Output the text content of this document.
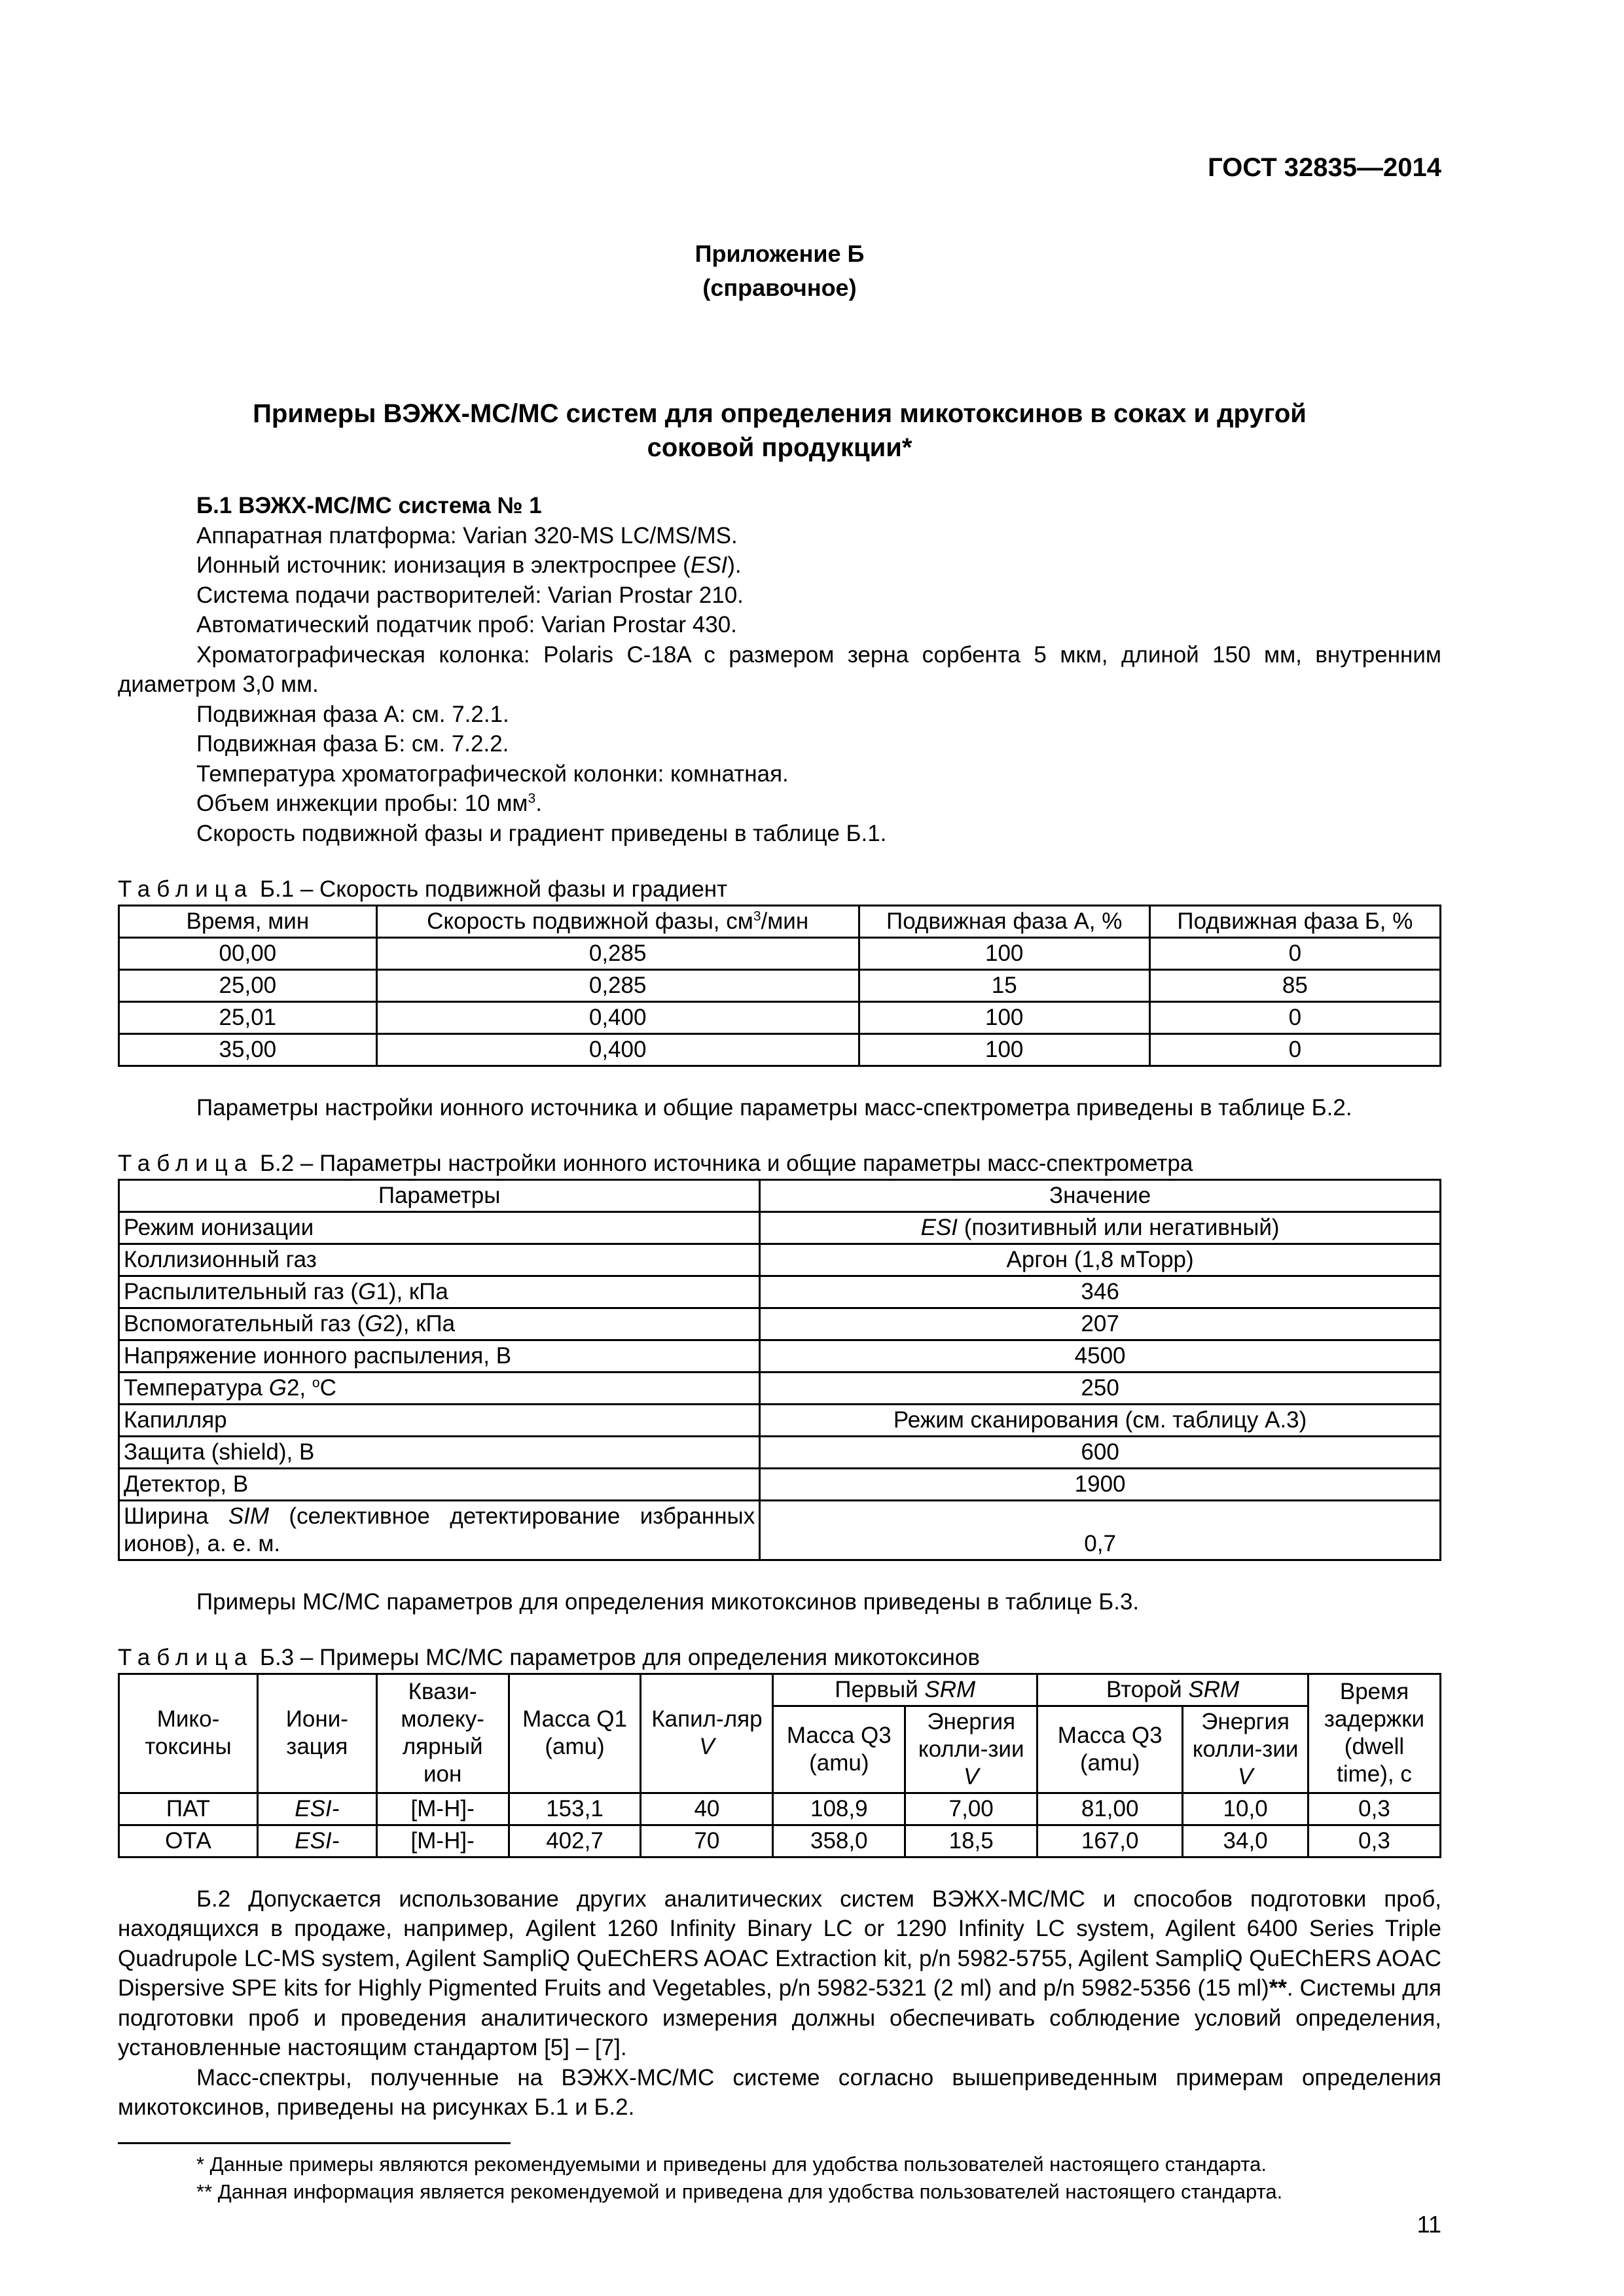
ГОСТ 32835—2014
Приложение Б
(справочное)
Примеры ВЭЖХ-МС/МС систем для определения микотоксинов в соках и другой
соковой продукции*

Б.1 ВЭЖХ-МС/МС система № 1

Аппаратная платформа: Varian 320-MS LC/MS/MS.

Ионный источник: ионизация в электроспрее (ESI).

Система подачи растворителей: Varian Prostar 210.

Автоматический податчик проб: Varian Prostar 430.

Хроматографическая колонка: Polaris C-18A с размером зерна сорбента 5 мкм, длиной 150 мм, внутренним диаметром 3,0 мм.

Подвижная фаза А: см. 7.2.1.

Подвижная фаза Б: см. 7.2.2.

Температура хроматографической колонки: комнатная.

Объем инжекции пробы: 10 $мм^3$.

Скорость подвижной фазы и градиент приведены в таблице Б.1.

Таблица Б.1 – Скорость подвижной фазы и градиент

Время, мин	Скорость подвижной фазы, $см^3$/мин	Подвижная фаза А, %	Подвижная фаза Б, %
00,00	0,285	100	0
25,00	0,285	15	85
25,01	0,400	100	0
35,00	0,400	100	0

Параметры настройки ионного источника и общие параметры масс-спектрометра приведены в таблице Б.2.

Таблица Б.2 – Параметры настройки ионного источника и общие параметры масс-спектрометра

Параметры	Значение
Режим ионизации	ESI (позитивный или негативный)
Коллизионный газ	Аргон (1,8 мТорр)
Распылительный газ (G1), кПа	346
Вспомогательный газ (G2), кПа	207
Напряжение ионного распыления, В	4500
Температура G2, $^o$С	250
Капилляр	Режим сканирования (см. таблицу А.3)
Защита (shield), В	600
Детектор, В	1900
Ширина SIM (селективное детектирование избранных ионов), а. е. м.	0,7

Примеры МС/МС параметров для определения микотоксинов приведены в таблице Б.3.

Таблица Б.3 – Примеры МС/МС параметров для определения микотоксинов

Мико-токсины	Иони-зация	Квази-молеку-лярный ион	Масса Q1 (amu)	Капил-ляр V	Первый SRM		Второй SRM		Время задержки (dwell time), с
					Масса Q3 (amu)	Энергия колли-зии V	Масса Q3 (amu)	Энергия колли-зии V	
ПАТ	ESI-	[M-H]-	153,1	40	108,9	7,00	81,00	10,0	0,3
ОТА	ESI-	[M-H]-	402,7	70	358,0	18,5	167,0	34,0	0,3

Б.2 Допускается использование других аналитических систем ВЭЖХ-МС/МС и способов подготовки проб, находящихся в продаже, например, Agilent 1260 Infinity Binary LC or 1290 Infinity LC system, Agilent 6400 Series Triple Quadrupole LC-MS system, Agilent SampliQ QuEChERS AOAC Extraction kit, p/n 5982-5755, Agilent SampliQ QuEChERS AOAC Dispersive SPE kits for Highly Pigmented Fruits and Vegetables, p/n 5982-5321 (2 ml) and p/n 5982-5356 (15 ml)**. Системы для подготовки проб и проведения аналитического измерения должны обеспечивать соблюдение условий определения, установленные настоящим стандартом [5] – [7].

Масс-спектры, полученные на ВЭЖХ-МС/МС системе согласно вышеприведенным примерам определения микотоксинов, приведены на рисунках Б.1 и Б.2.

* Данные примеры являются рекомендуемыми и приведены для удобства пользователей настоящего стандарта.

** Данная информация является рекомендуемой и приведена для удобства пользователей настоящего стандарта.

11
